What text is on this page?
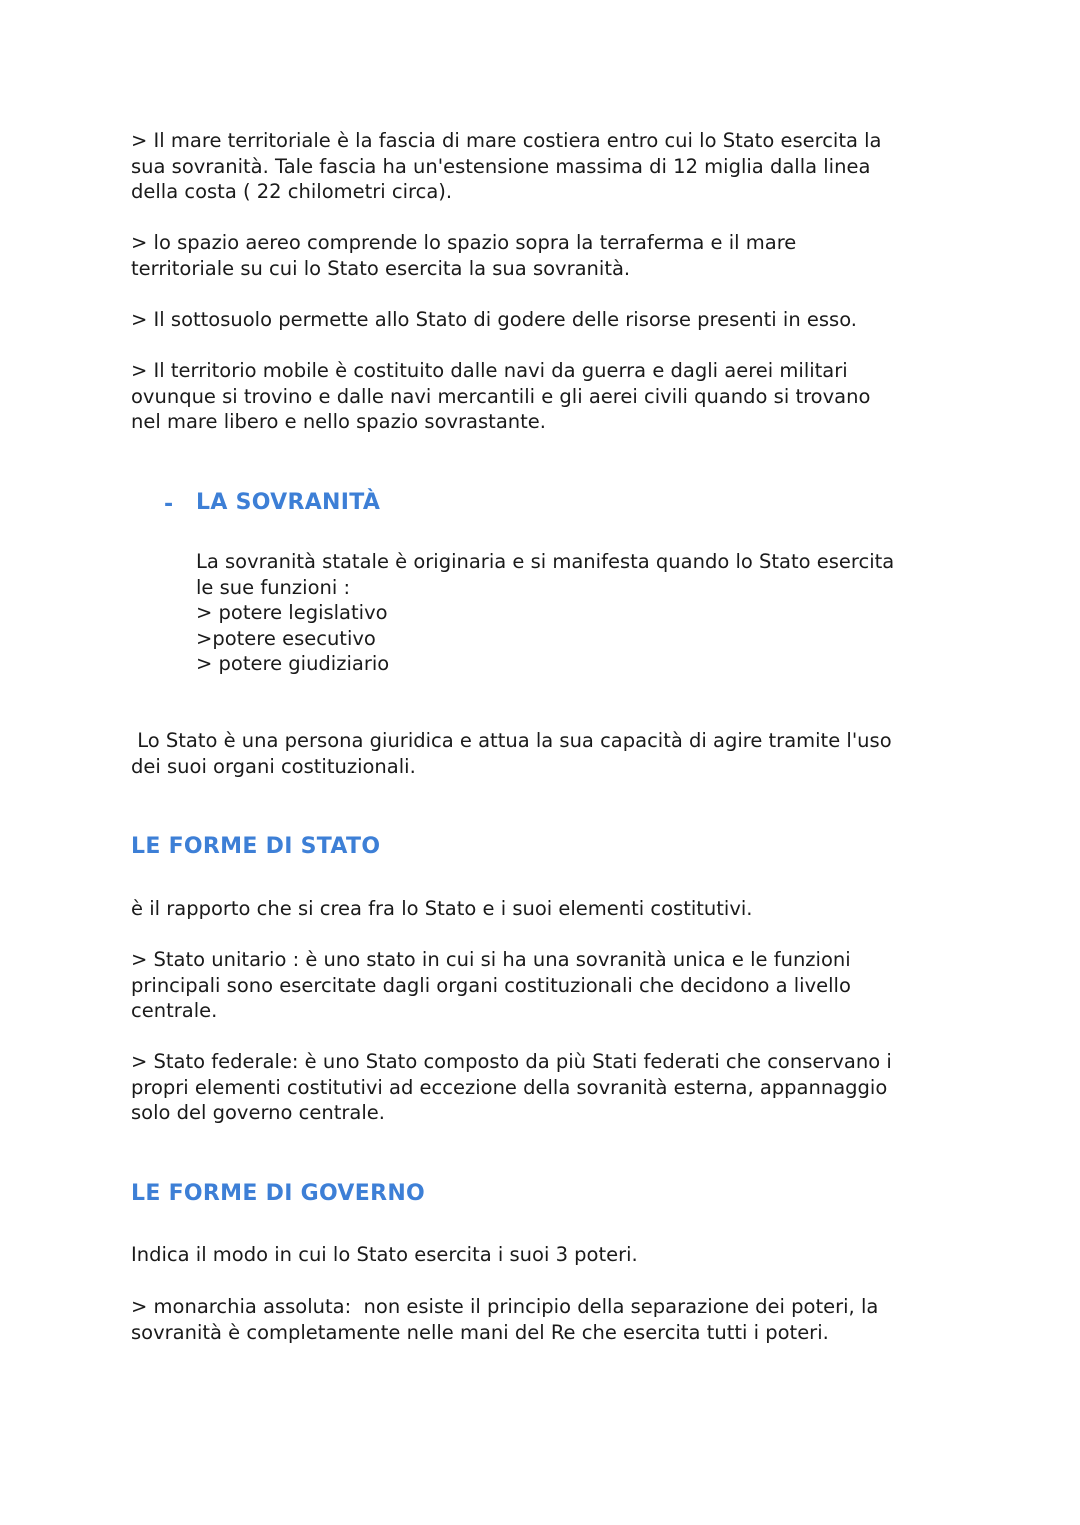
> Il mare territoriale è la fascia di mare costiera entro cui lo Stato esercita la

sua sovranità. Tale fascia ha un'estensione massima di 12 miglia dalla linea

della costa ( 22 chilometri circa).

> lo spazio aereo comprende lo spazio sopra la terraferma e il mare

territoriale su cui lo Stato esercita la sua sovranità.

> Il sottosuolo permette allo Stato di godere delle risorse presenti in esso.

> Il territorio mobile è costituito dalle navi da guerra e dagli aerei militari

ovunque si trovino e dalle navi mercantili e gli aerei civili quando si trovano

nel mare libero e nello spazio sovrastante.

- LA SOVRANITÀ

La sovranità statale è originaria e si manifesta quando lo Stato esercita

le sue funzioni :

> potere legislativo

>potere esecutivo

> potere giudiziario

Lo Stato è una persona giuridica e attua la sua capacità di agire tramite l'uso

dei suoi organi costituzionali.

LE FORME DI STATO

è il rapporto che si crea fra lo Stato e i suoi elementi costitutivi.

> Stato unitario : è uno stato in cui si ha una sovranità unica e le funzioni

principali sono esercitate dagli organi costituzionali che decidono a livello

centrale.

> Stato federale: è uno Stato composto da più Stati federati che conservano i

propri elementi costitutivi ad eccezione della sovranità esterna, appannaggio

solo del governo centrale.

LE FORME DI GOVERNO

Indica il modo in cui lo Stato esercita i suoi 3 poteri.

> monarchia assoluta:  non esiste il principio della separazione dei poteri, la

sovranità è completamente nelle mani del Re che esercita tutti i poteri.
